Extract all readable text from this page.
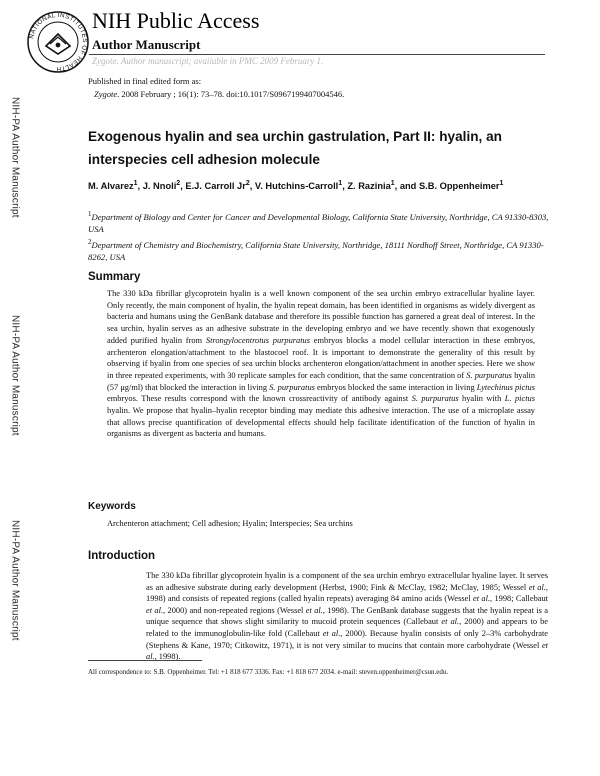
NATIONAL INSTITUTES OF HEALTH
NIH Public Access
Author Manuscript
Zygote. Author manuscript; available in PMC 2009 February 1.
Published in final edited form as:
Zygote. 2008 February ; 16(1): 73–78. doi:10.1017/S0967199407004546.
NIH-PA Author Manuscript
NIH-PA Author Manuscript
NIH-PA Author Manuscript
Exogenous hyalin and sea urchin gastrulation, Part II: hyalin, an interspecies cell adhesion molecule
M. Alvarez$^1$, J. Nnoli$^2$, E.J. Carroll Jr$^2$, V. Hutchins-Carroll$^1$, Z. Razinia$^1$, and S.B. Oppenheimer$^1$
$^1$Department of Biology and Center for Cancer and Developmental Biology, California State University, Northridge, CA 91330-8303, USA
$^2$Department of Chemistry and Biochemistry, California State University, Northridge, 18111 Nordhoff Street, Northridge, CA 91330-8262, USA
Summary
The 330 kDa fibrillar glycoprotein hyalin is a well known component of the sea urchin embryo extracellular hyaline layer. Only recently, the main component of hyalin, the hyalin repeat domain, has been identified in organisms as widely divergent as bacteria and humans using the GenBank database and therefore its possible function has garnered a great deal of interest. In the sea urchin, hyalin serves as an adhesive substrate in the developing embryo and we have recently shown that exogenously added purified hyalin from Strongylocentrotus purpuratus embryos blocks a model cellular interaction in these embryos, archenteron elongation/attachment to the blastocoel roof. It is important to demonstrate the generality of this result by observing if hyalin from one species of sea urchin blocks archenteron elongation/attachment in another species. Here we show in three repeated experiments, with 30 replicate samples for each condition, that the same concentration of S. purpuratus hyalin (57 μg/ml) that blocked the interaction in living S. purpuratus embryos blocked the same interaction in living Lytechinus pictus embryos. These results correspond with the known crossreactivity of antibody against S. purpuratus hyalin with L. pictus hyalin. We propose that hyalin–hyalin receptor binding may mediate this adhesive interaction. The use of a microplate assay that allows precise quantification of developmental effects should help facilitate identification of the function of hyalin in organisms as divergent as bacteria and humans.
Keywords
Archenteron attachment; Cell adhesion; Hyalin; Interspecies; Sea urchins
Introduction
The 330 kDa fibrillar glycoprotein hyalin is a component of the sea urchin embryo extracellular hyaline layer. It serves as an adhesive substrate during early development (Herbst, 1900; Fink & McClay, 1982; McClay, 1985; Wessel et al., 1998) and consists of repeated regions (called hyalin repeats) averaging 84 amino acids (Wessel et al., 1998; Callebaut et al., 2000) and non-repeated regions (Wessel et al., 1998). The GenBank database suggests that the hyalin repeat is a unique sequence that shows slight similarity to mucoid protein sequences (Callebaut et al., 2000) and appears to be related to the immunoglobulin-like fold (Callebaut et al., 2000). Because hyalin consists of only 2–3% carbohydrate (Stephens & Kane, 1970; Citkowitz, 1971), it is not very similar to mucins that contain more carbohydrate (Wessel et al., 1998).
All correspondence to: S.B. Oppenheimer. Tel: +1 818 677 3336. Fax: +1 818 677 2034. e-mail: steven.oppenheimer@csun.edu.
